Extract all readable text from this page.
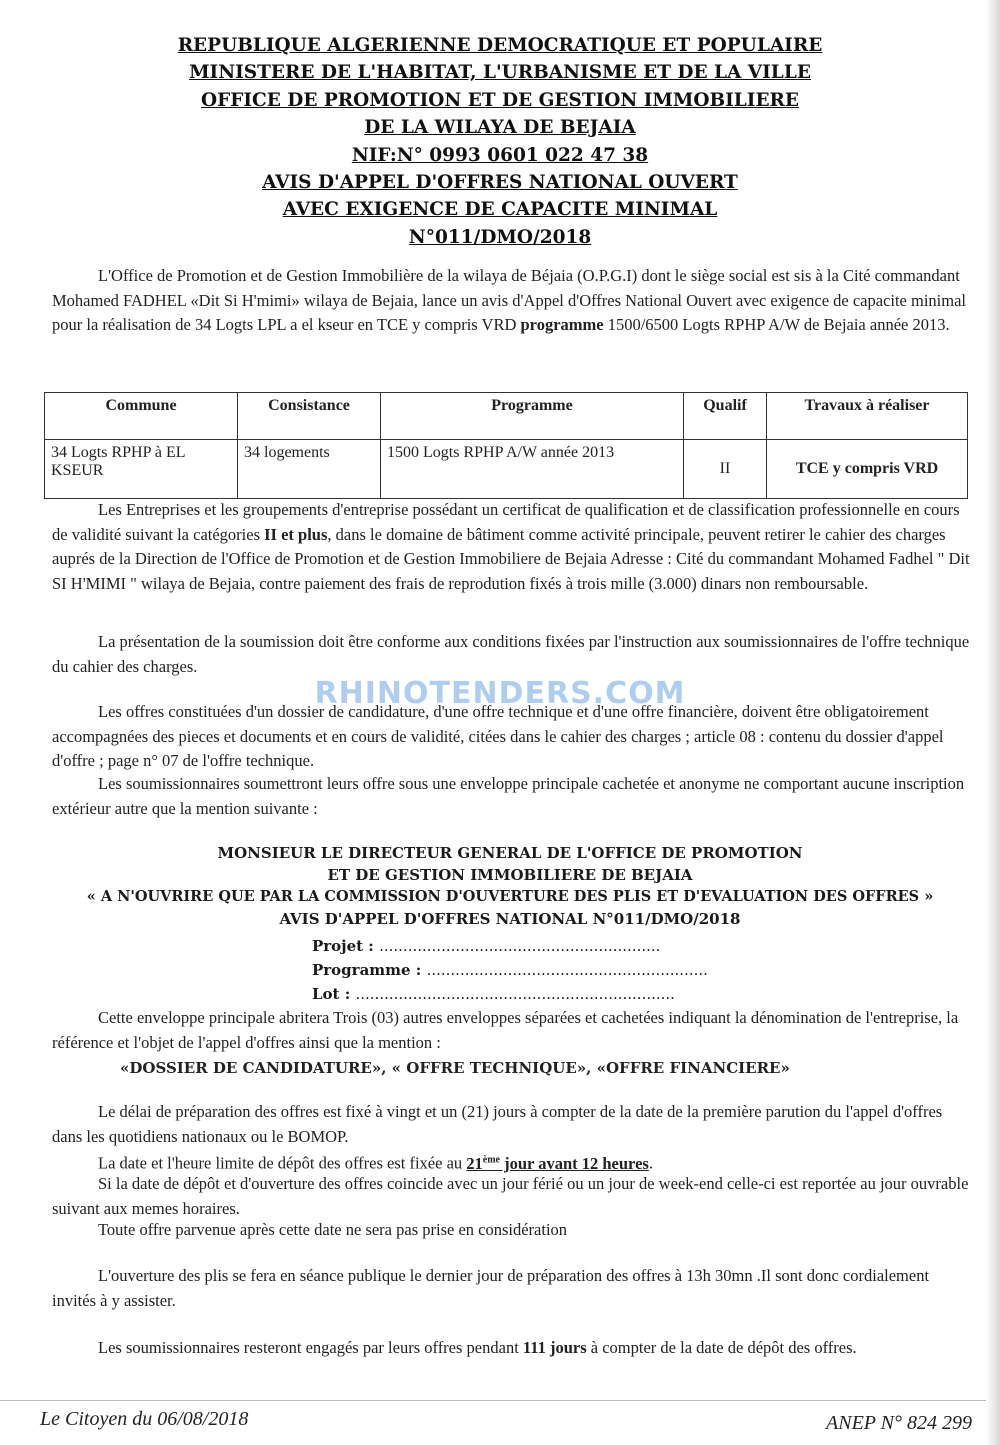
REPUBLIQUE ALGERIENNE DEMOCRATIQUE ET POPULAIRE
MINISTERE DE L'HABITAT, L'URBANISME ET DE LA VILLE
OFFICE DE PROMOTION ET DE GESTION IMMOBILIERE
DE LA WILAYA DE BEJAIA
NIF:N° 0993 0601 022 47 38
AVIS D'APPEL D'OFFRES NATIONAL OUVERT
AVEC EXIGENCE DE CAPACITE MINIMAL
N°011/DMO/2018

L'Office de Promotion et de Gestion Immobilière de la wilaya de Béjaia (O.P.G.I) dont le siège social est sis à la Cité commandant Mohamed FADHEL «Dit Si H'mimi» wilaya de Bejaia, lance un avis d'Appel d'Offres National Ouvert avec exigence de capacite minimal pour la réalisation de 34 Logts LPL a el kseur en TCE y compris VRD programme 1500/6500 Logts RPHP A/W de Bejaia année 2013.

Commune	Consistance	Programme	Qualif	Travaux à réaliser
34 Logts RPHP à EL KSEUR	34 logements	1500 Logts RPHP A/W année 2013	II	TCE y compris VRD

Les Entreprises et les groupements d'entreprise possédant un certificat de qualification et de classification professionnelle en cours de validité suivant la catégories II et plus, dans le domaine de bâtiment comme activité principale, peuvent retirer le cahier des charges auprés de la Direction de l'Office de Promotion et de Gestion Immobiliere de Bejaia Adresse : Cité du commandant Mohamed Fadhel " Dit SI H'MIMI " wilaya de Bejaia, contre paiement des frais de reprodution fixés à trois mille (3.000) dinars non remboursable.

La présentation de la soumission doit être conforme aux conditions fixées par l'instruction aux soumissionnaires de l'offre technique du cahier des charges.

RHINOTENDERS.COM

Les offres constituées d'un dossier de candidature, d'une offre technique et d'une offre financière, doivent être obligatoirement accompagnées des pieces et documents et en cours de validité, citées dans le cahier des charges ; article 08 : contenu du dossier d'appel d'offre ; page n° 07 de l'offre technique.

Les soumissionnaires soumettront leurs offre sous une enveloppe principale cachetée et anonyme ne comportant aucune inscription extérieur autre que la mention suivante :

MONSIEUR LE DIRECTEUR GENERAL DE L'OFFICE DE PROMOTION
ET DE GESTION IMMOBILIERE DE BEJAIA
« A N'OUVRIRE QUE PAR LA COMMISSION D'OUVERTURE DES PLIS ET D'EVALUATION DES OFFRES »
AVIS D'APPEL D'OFFRES NATIONAL N°011/DMO/2018
Projet : ...........................................................
Programme : ...........................................................
Lot : ...................................................................

Cette enveloppe principale abritera Trois (03) autres enveloppes séparées et cachetées indiquant la dénomination de l'entreprise, la référence et l'objet de l'appel d'offres ainsi que la mention :

«DOSSIER DE CANDIDATURE», « OFFRE TECHNIQUE», «OFFRE FINANCIERE»

Le délai de préparation des offres est fixé à vingt et un (21) jours à compter de la date de la première parution du l'appel d'offres dans les quotidiens nationaux ou le BOMOP.

La date et l'heure limite de dépôt des offres est fixée au 21ème jour avant 12 heures.

Si la date de dépôt et d'ouverture des offres coincide avec un jour férié ou un jour de week-end celle-ci est reportée au jour ouvrable suivant aux memes horaires.

Toute offre parvenue après cette date ne sera pas prise en considération

L'ouverture des plis se fera en séance publique le dernier jour de préparation des offres à 13h 30mn .Il sont donc cordialement invités à y assister.

Les soumissionnaires resteront engagés par leurs offres pendant 111 jours à compter de la date de dépôt des offres.

Le Citoyen du 06/08/2018	ANEP N° 824 299
